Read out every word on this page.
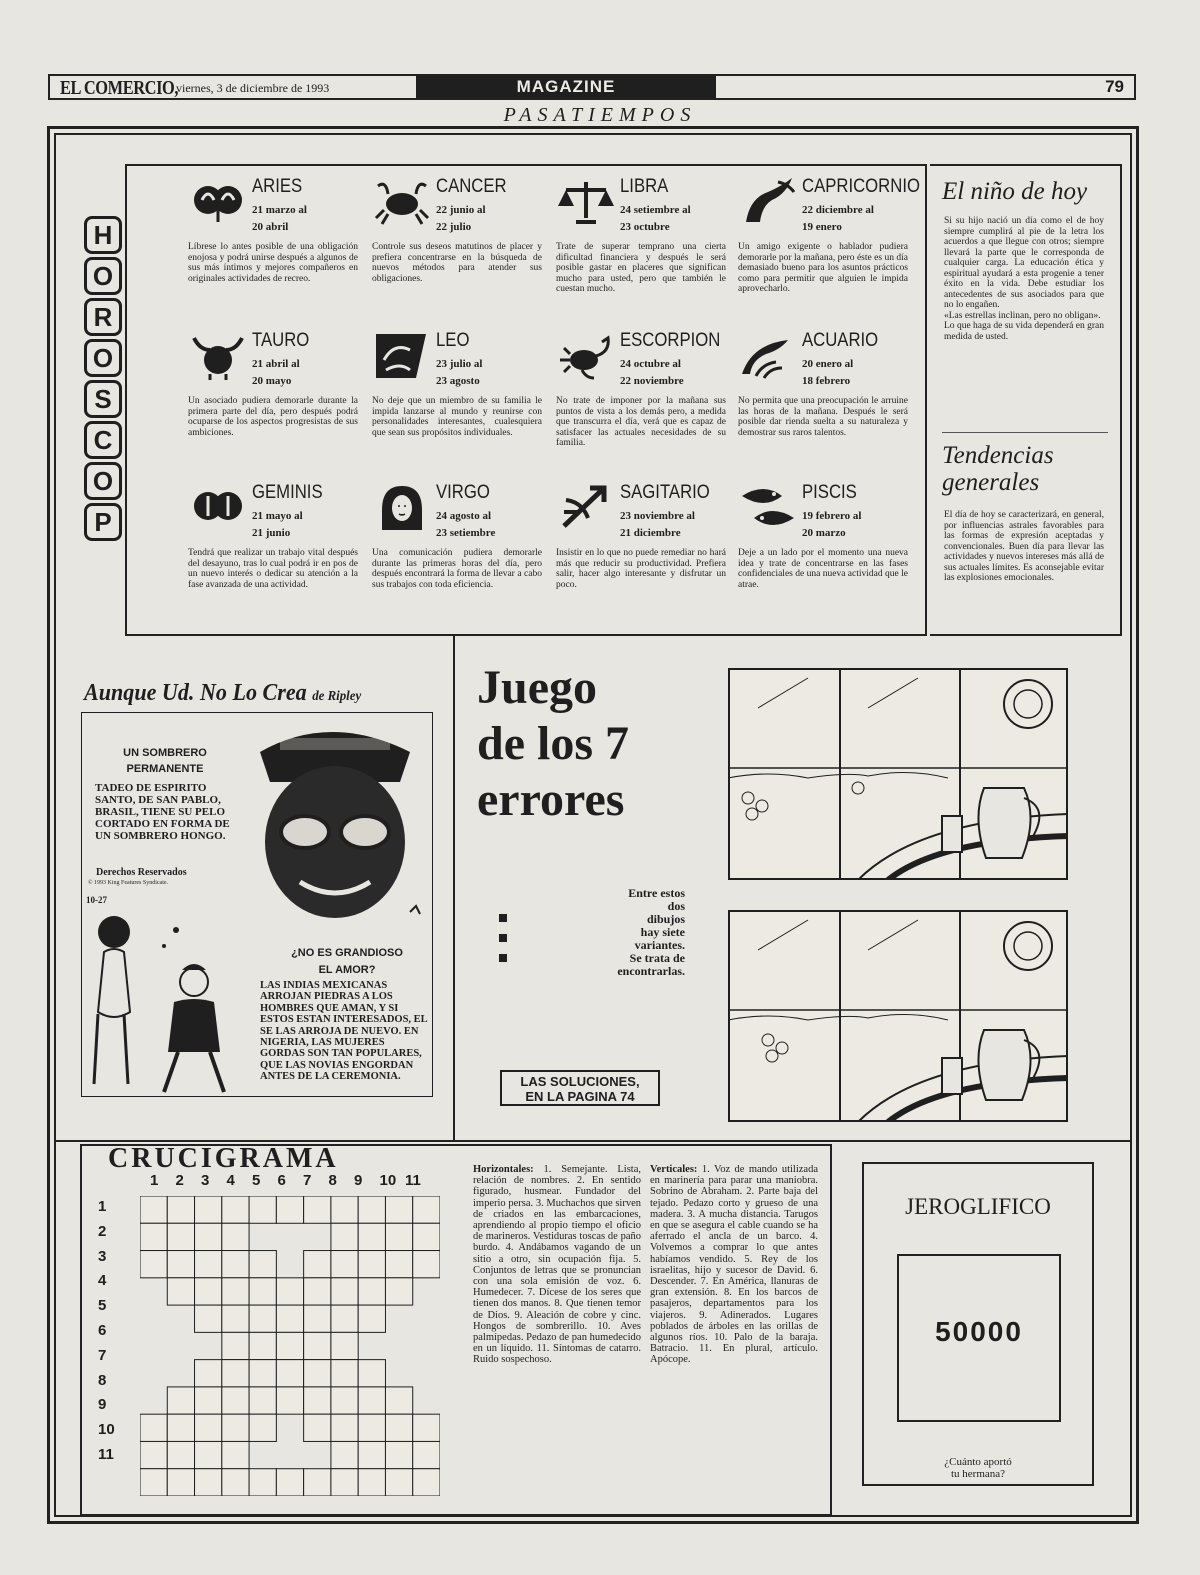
EL COMERCIO,
viernes, 3 de diciembre de 1993	MAGAZINE	79
PASATIEMPOS
H
O
R
O
S
C
O
P
ARIES
21 marzo al
20 abril
Líbrese lo antes posible de una obligación enojosa y podrá unirse después a algunos de sus más íntimos y mejores compañeros en originales actividades de recreo.
CANCER
22 junio al
22 julio
Controle sus deseos matutinos de placer y prefiera concentrarse en la búsqueda de nuevos métodos para atender sus obligaciones.
LIBRA
24 setiembre al
23 octubre
Trate de superar temprano una cierta dificultad financiera y después le será posible gastar en placeres que significan mucho para usted, pero que también le cuestan mucho.
CAPRICORNIO
22 diciembre al
19 enero
Un amigo exigente o hablador pudiera demorarle por la mañana, pero éste es un día demasiado bueno para los asuntos prácticos como para permitir que alguien le impida aprovecharlo.
TAURO
21 abril al
20 mayo
Un asociado pudiera demorarle durante la primera parte del día, pero después podrá ocuparse de los aspectos progresistas de sus ambiciones.
LEO
23 julio al
23 agosto
No deje que un miembro de su familia le impida lanzarse al mundo y reunirse con personalidades interesantes, cualesquiera que sean sus propósitos individuales.
ESCORPION
24 octubre al
22 noviembre
No trate de imponer por la mañana sus puntos de vista a los demás pero, a medida que transcurra el día, verá que es capaz de satisfacer las actuales necesidades de su familia.
ACUARIO
20 enero al
18 febrero
No permita que una preocupación le arruine las horas de la mañana. Después le será posible dar rienda suelta a su naturaleza y demostrar sus raros talentos.
GEMINIS
21 mayo al
21 junio
Tendrá que realizar un trabajo vital después del desayuno, tras lo cual podrá ir en pos de un nuevo interés o dedicar su atención a la fase avanzada de una actividad.
VIRGO
24 agosto al
23 setiembre
Una comunicación pudiera demorarle durante las primeras horas del día, pero después encontrará la forma de llevar a cabo sus trabajos con toda eficiencia.
SAGITARIO
23 noviembre al
21 diciembre
Insistir en lo que no puede remediar no hará más que reducir su productividad. Prefiera salir, hacer algo interesante y disfrutar un poco.
PISCIS
19 febrero al
20 marzo
Deje a un lado por el momento una nueva idea y trate de concentrarse en las fases confidenciales de una nueva actividad que le atrae.
El niño de hoy
Si su hijo nació un día como el de hoy siempre cumplirá al pie de la letra los acuerdos a que llegue con otros; siempre llevará la parte que le corresponda de cualquier carga. La educación ética y espiritual ayudará a esta progenie a tener éxito en la vida. Debe estudiar los antecedentes de sus asociados para que no lo engañen.
«Las estrellas inclinan, pero no obligan».
Lo que haga de su vida dependerá en gran medida de usted.
Tendencias generales
El día de hoy se caracterizará, en general, por influencias astrales favorables para las formas de expresión aceptadas y convencionales. Buen día para llevar las actividades y nuevos intereses más allá de sus actuales límites. Es aconsejable evitar las explosiones emocionales.
Aunque Ud. No Lo Crea de Ripley
UN SOMBRERO
PERMANENTE
TADEO DE ESPIRITO SANTO, DE SAN PABLO, BRASIL, TIENE SU PELO CORTADO EN FORMA DE UN SOMBRERO HONGO.
Derechos Reservados
© 1993 King Features Syndicate.
10-27
¿NO ES GRANDIOSO
EL AMOR?
LAS INDIAS MEXICANAS ARROJAN PIEDRAS A LOS HOMBRES QUE AMAN, Y SI ESTOS ESTAN INTERESADOS, EL SE LAS ARROJA DE NUEVO. EN NIGERIA, LAS MUJERES GORDAS SON TAN POPULARES, QUE LAS NOVIAS ENGORDAN ANTES DE LA CEREMONIA.
Juego
de los 7
errores
Entre estos
dos
dibujos
hay siete
variantes.
Se trata de
encontrarlas.
LAS SOLUCIONES,
EN LA PAGINA 74
CRUCIGRAMA
1 2 3 4 5 6 7 8 9 10 11
1
2
3
4
5
6
7
8
9
10
11
Horizontales: 1. Semejante. Lista, relación de nombres. 2. En sentido figurado, husmear. Fundador del imperio persa. 3. Muchachos que sirven de criados en las embarcaciones, aprendiendo al propio tiempo el oficio de marineros. Vestiduras toscas de paño burdo. 4. Andábamos vagando de un sitio a otro, sin ocupación fija. 5. Conjuntos de letras que se pronuncian con una sola emisión de voz. 6. Humedecer. 7. Dícese de los seres que tienen dos manos. 8. Que tienen temor de Dios. 9. Aleación de cobre y cinc. Hongos de sombrerillo. 10. Aves palmípedas. Pedazo de pan humedecido en un líquido. 11. Síntomas de catarro. Ruido sospechoso.
Verticales: 1. Voz de mando utilizada en marinería para parar una maniobra. Sobrino de Abraham. 2. Parte baja del tejado. Pedazo corto y grueso de una madera. 3. A mucha distancia. Tarugos en que se asegura el cable cuando se ha aferrado el ancla de un barco. 4. Volvemos a comprar lo que antes habíamos vendido. 5. Rey de los israelitas, hijo y sucesor de David. 6. Descender. 7. En América, llanuras de gran extensión. 8. En los barcos de pasajeros, departamentos para los viajeros. 9. Adinerados. Lugares poblados de árboles en las orillas de algunos ríos. 10. Palo de la baraja. Batracio. 11. En plural, artículo. Apócope.
JEROGLIFICO
50000
¿Cuánto aportó
tu hermana?
